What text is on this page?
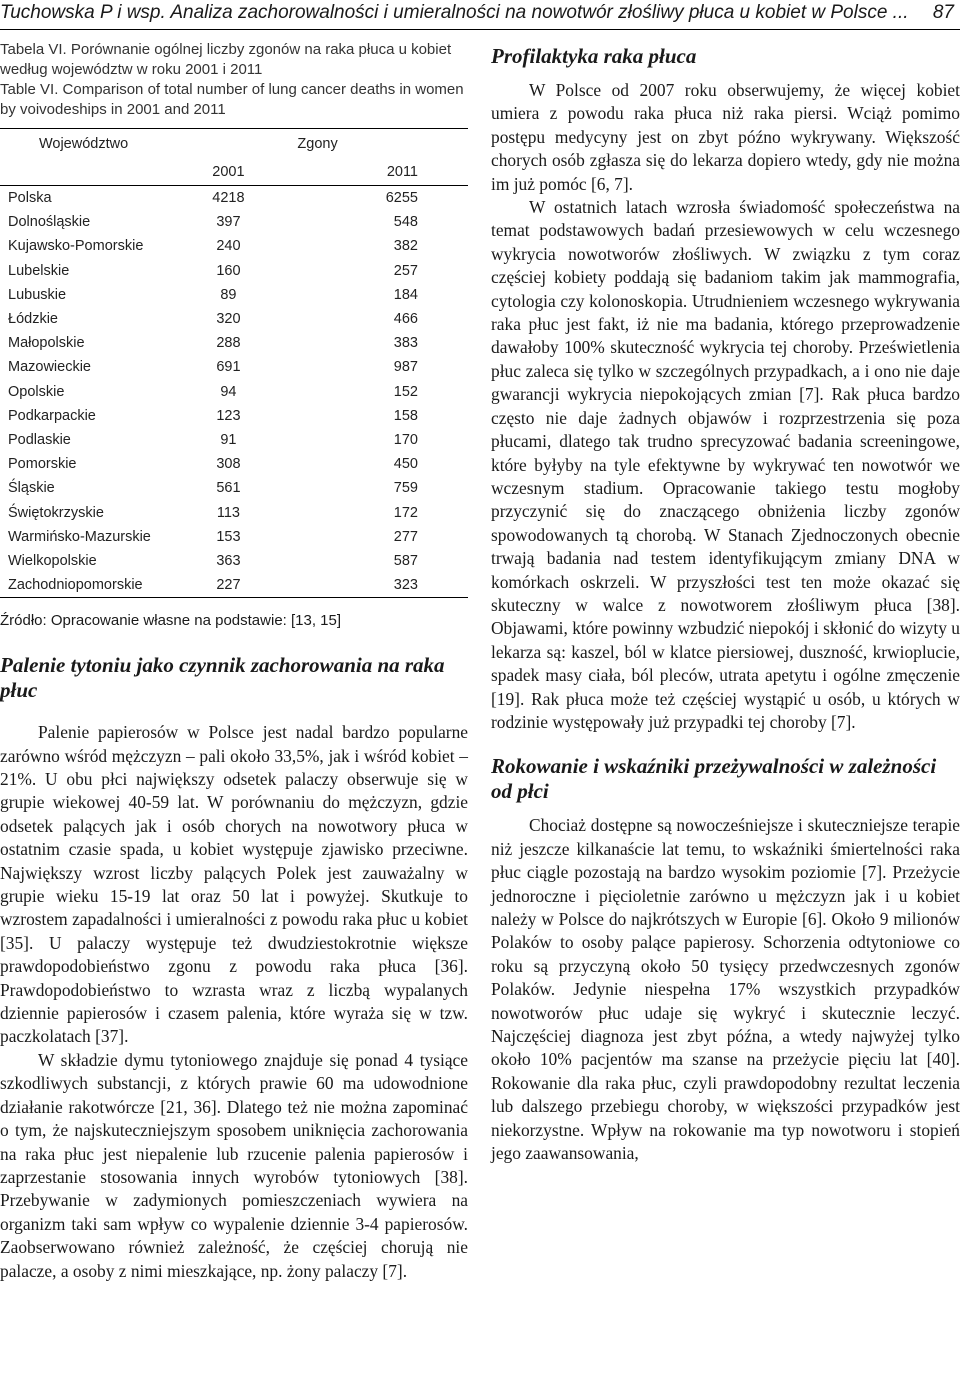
Tuchowska P i wsp. Analiza zachorowalności i umieralności na nowotwór złośliwy płuca u kobiet w Polsce ... 87
Tabela VI. Porównanie ogólnej liczby zgonów na raka płuca u kobiet według województw w roku 2001 i 2011
Table VI. Comparison of total number of lung cancer deaths in women by voivodeships in 2001 and 2011
Województwo	Zgony	
	2001	2011
Polska	4218	6255
Dolnośląskie	397	548
Kujawsko-Pomorskie	240	382
Lubelskie	160	257
Lubuskie	89	184
Łódzkie	320	466
Małopolskie	288	383
Mazowieckie	691	987
Opolskie	94	152
Podkarpackie	123	158
Podlaskie	91	170
Pomorskie	308	450
Śląskie	561	759
Świętokrzyskie	113	172
Warmińsko-Mazurskie	153	277
Wielkopolskie	363	587
Zachodniopomorskie	227	323
Źródło: Opracowanie własne na podstawie: [13, 15]
Palenie tytoniu jako czynnik zachorowania na raka płuc

Palenie papierosów w Polsce jest nadal bardzo popularne zarówno wśród mężczyzn – pali około 33,5%, jak i wśród kobiet – 21%. U obu płci największy odsetek palaczy obserwuje się w grupie wiekowej 40-59 lat. W porównaniu do mężczyzn, gdzie odsetek palących jak i osób chorych na nowotwory płuca w ostatnim czasie spada, u kobiet występuje zjawisko przeciwne. Największy wzrost liczby palących Polek jest zauważalny w grupie wieku 15-19 lat oraz 50 lat i powyżej. Skutkuje to wzrostem zapadalności i umieralności z powodu raka płuc u kobiet [35]. U palaczy występuje też dwudziestokrotnie większe prawdopodobieństwo zgonu z powodu raka płuca [36]. Prawdopodobieństwo to wzrasta wraz z liczbą wypalanych dziennie papierosów i czasem palenia, które wyraża się w tzw. paczkolatach [37].

W składzie dymu tytoniowego znajduje się ponad 4 tysiące szkodliwych substancji, z których prawie 60 ma udowodnione działanie rakotwórcze [21, 36]. Dlatego też nie można zapominać o tym, że najskuteczniejszym sposobem uniknięcia zachorowania na raka płuc jest niepalenie lub rzucenie palenia papierosów i zaprzestanie stosowania innych wyrobów tytoniowych [38]. Przebywanie w zadymionych pomieszczeniach wywiera na organizm taki sam wpływ co wypalenie dziennie 3-4 papierosów. Zaobserwowano również zależność, że częściej chorują nie palacze, a osoby z nimi mieszkające, np. żony palaczy [7].

Profilaktyka raka płuca

W Polsce od 2007 roku obserwujemy, że więcej kobiet umiera z powodu raka płuca niż raka piersi. Wciąż pomimo postępu medycyny jest on zbyt późno wykrywany. Większość chorych osób zgłasza się do lekarza dopiero wtedy, gdy nie można im już pomóc [6, 7].

W ostatnich latach wzrosła świadomość społeczeństwa na temat podstawowych badań przesiewowych w celu wczesnego wykrycia nowotworów złośliwych. W związku z tym coraz częściej kobiety poddają się badaniom takim jak mammografia, cytologia czy kolonoskopia. Utrudnieniem wczesnego wykrywania raka płuc jest fakt, iż nie ma badania, którego przeprowadzenie dawałoby 100% skuteczność wykrycia tej choroby. Prześwietlenia płuc zaleca się tylko w szczególnych przypadkach, a i ono nie daje gwarancji wykrycia niepokojących zmian [7]. Rak płuca bardzo często nie daje żadnych objawów i rozprzestrzenia się poza płucami, dlatego tak trudno sprecyzować badania screeningowe, które byłyby na tyle efektywne by wykrywać ten nowotwór we wczesnym stadium. Opracowanie takiego testu mogłoby przyczynić się do znaczącego obniżenia liczby zgonów spowodowanych tą chorobą. W Stanach Zjednoczonych obecnie trwają badania nad testem identyfikującym zmiany DNA w komórkach oskrzeli. W przyszłości test ten może okazać się skuteczny w walce z nowotworem złośliwym płuca [38]. Objawami, które powinny wzbudzić niepokój i skłonić do wizyty u lekarza są: kaszel, ból w klatce piersiowej, duszność, krwioplucie, spadek masy ciała, ból pleców, utrata apetytu i ogólne zmęczenie [19]. Rak płuca może też częściej wystąpić u osób, u których w rodzinie występowały już przypadki tej choroby [7].

Rokowanie i wskaźniki przeżywalności w zależności od płci

Chociaż dostępne są nowocześniejsze i skuteczniejsze terapie niż jeszcze kilkanaście lat temu, to wskaźniki śmiertelności raka płuc ciągle pozostają na bardzo wysokim poziomie [7]. Przeżycie jednoroczne i pięcioletnie zarówno u mężczyzn jak i u kobiet należy w Polsce do najkrótszych w Europie [6]. Około 9 milionów Polaków to osoby palące papierosy. Schorzenia odtytoniowe co roku są przyczyną około 50 tysięcy przedwczesnych zgonów Polaków. Jedynie niespełna 17% wszystkich przypadków nowotworów płuc udaje się wykryć i skutecznie leczyć. Najczęściej diagnoza jest zbyt późna, a wtedy najwyżej tylko około 10% pacjentów ma szanse na przeżycie pięciu lat [40]. Rokowanie dla raka płuc, czyli prawdopodobny rezultat leczenia lub dalszego przebiegu choroby, w większości przypadków jest niekorzystne. Wpływ na rokowanie ma typ nowotworu i stopień jego zaawansowania,
